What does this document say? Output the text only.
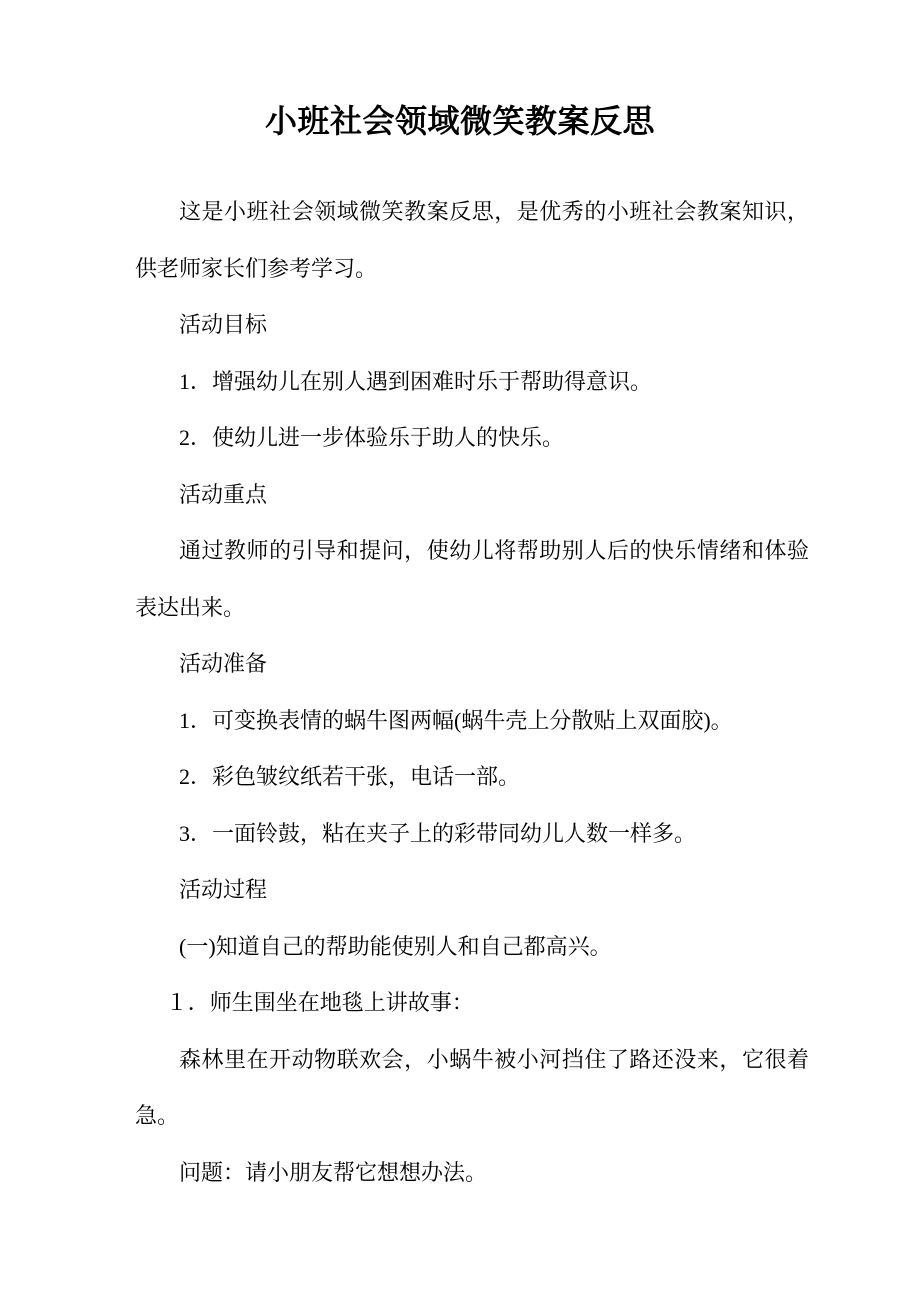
小班社会领域微笑教案反思

这是小班社会领域微笑教案反思，是优秀的小班社会教案知识，供老师家长们参考学习。

活动目标

1．增强幼儿在别人遇到困难时乐于帮助得意识。

2．使幼儿进一步体验乐于助人的快乐。

活动重点

通过教师的引导和提问，使幼儿将帮助别人后的快乐情绪和体验表达出来。

活动准备

1．可变换表情的蜗牛图两幅(蜗牛壳上分散贴上双面胶)。

2．彩色皱纹纸若干张，电话一部。

3．一面铃鼓，粘在夹子上的彩带同幼儿人数一样多。

活动过程

(一)知道自己的帮助能使别人和自己都高兴。

１．师生围坐在地毯上讲故事：

森林里在开动物联欢会，小蜗牛被小河挡住了路还没来，它很着急。

问题：请小朋友帮它想想办法。
